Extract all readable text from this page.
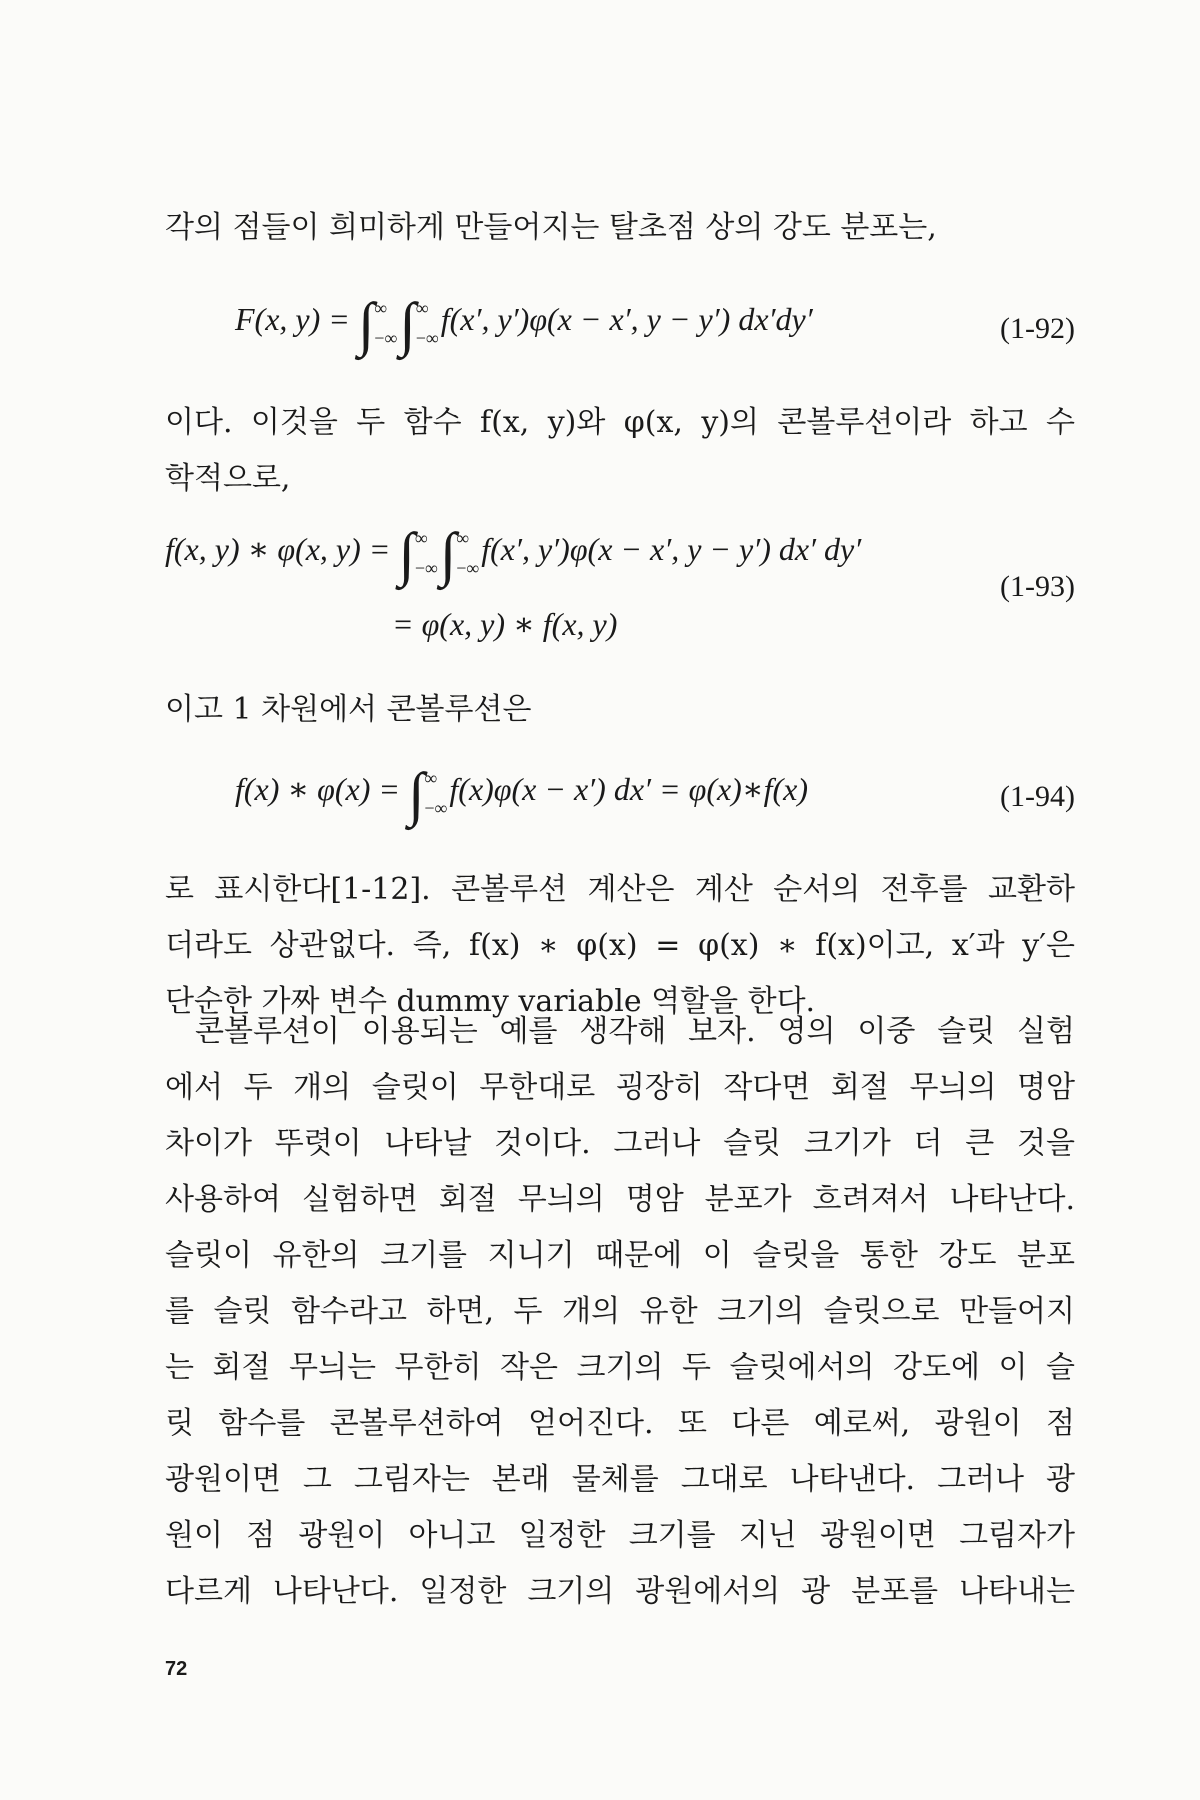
각의 점들이 희미하게 만들어지는 탈초점 상의 강도 분포는,
F(x, y) = ∫ ∞
−∞ ∫ ∞
−∞
f(x′, y′)φ(x − x′, y − y′) dx′dy′	(1-92)
이다. 이것을 두 함수 f(x, y)와 φ(x, y)의 콘볼루션이라 하고 수
학적으로,
f(x, y) ∗ φ(x, y) = ∫ ∞
−∞ ∫ ∞
−∞
f(x′, y′)φ(x − x′, y − y′) dx′ dy′
= φ(x, y) ∗ f(x, y)
(1-93)
이고 1 차원에서 콘볼루션은
f(x) ∗ φ(x) = ∫ ∞
−∞
f(x)φ(x − x′) dx′ = φ(x)∗f(x)	(1-94)
로 표시한다[1-12]. 콘볼루션 계산은 계산 순서의 전후를 교환하
더라도 상관없다. 즉, f(x) ∗ φ(x) = φ(x) ∗ f(x)이고, x′과 y′은
단순한 가짜 변수 dummy variable 역할을 한다.
콘볼루션이 이용되는 예를 생각해 보자. 영의 이중 슬릿 실험
에서 두 개의 슬릿이 무한대로 굉장히 작다면 회절 무늬의 명암
차이가 뚜렷이 나타날 것이다. 그러나 슬릿 크기가 더 큰 것을
사용하여 실험하면 회절 무늬의 명암 분포가 흐려져서 나타난다.
슬릿이 유한의 크기를 지니기 때문에 이 슬릿을 통한 강도 분포
를 슬릿 함수라고 하면, 두 개의 유한 크기의 슬릿으로 만들어지
는 회절 무늬는 무한히 작은 크기의 두 슬릿에서의 강도에 이 슬
릿 함수를 콘볼루션하여 얻어진다. 또 다른 예로써, 광원이 점
광원이면 그 그림자는 본래 물체를 그대로 나타낸다. 그러나 광
원이 점 광원이 아니고 일정한 크기를 지닌 광원이면 그림자가
다르게 나타난다. 일정한 크기의 광원에서의 광 분포를 나타내는
72
